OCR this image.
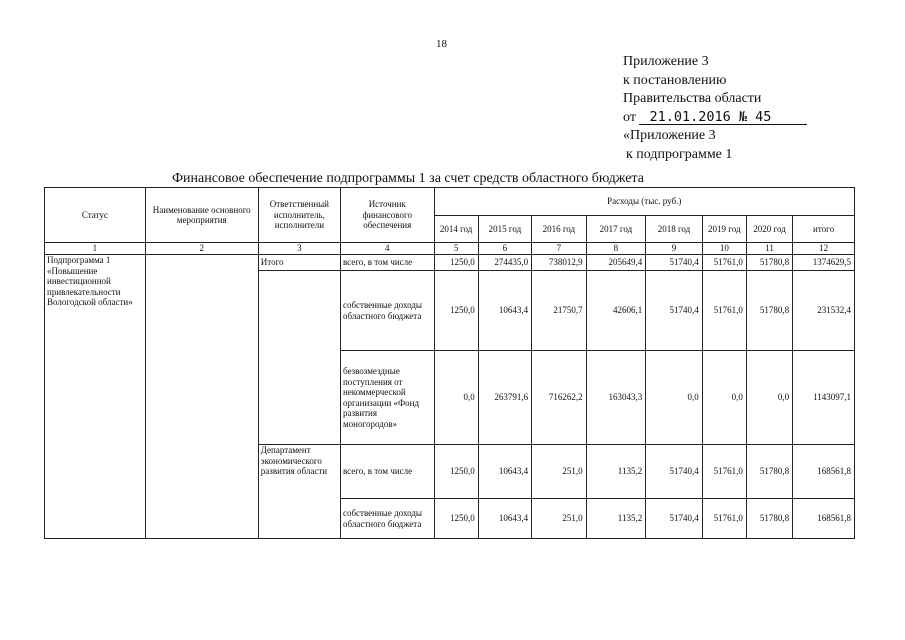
18
Приложение 3
к постановлению
Правительства области
от 21.01.2016 № 45
«Приложение 3
к подпрограмме 1
Финансовое обеспечение подпрограммы 1 за счет средств областного бюджета
Статус	Наименование основного мероприятия	Ответственный исполнитель, исполнители	Источник финансового обеспечения	Расходы (тыс. руб.)							
				2014 год	2015 год	2016 год	2017 год	2018 год	2019 год	2020 год	итого
1	2	3	4	5	6	7	8	9	10	11	12
Подпрограмма 1 «Повышение инвестиционной привлекательности Вологодской области»		Итого	всего, в том числе	1250,0	274435,0	738012,9	205649,4	51740,4	51761,0	51780,8	1374629,5
			собственные доходы областного бюджета	1250,0	10643,4	21750,7	42606,1	51740,4	51761,0	51780,8	231532,4
			безвозмездные поступления от некоммерческой организации «Фонд развития моногородов»	0,0	263791,6	716262,2	163043,3	0,0	0,0	0,0	1143097,1
		Департамент экономического развития области	всего, в том числе	1250,0	10643,4	251,0	1135,2	51740,4	51761,0	51780,8	168561,8
			собственные доходы областного бюджета	1250,0	10643,4	251,0	1135,2	51740,4	51761,0	51780,8	168561,8
